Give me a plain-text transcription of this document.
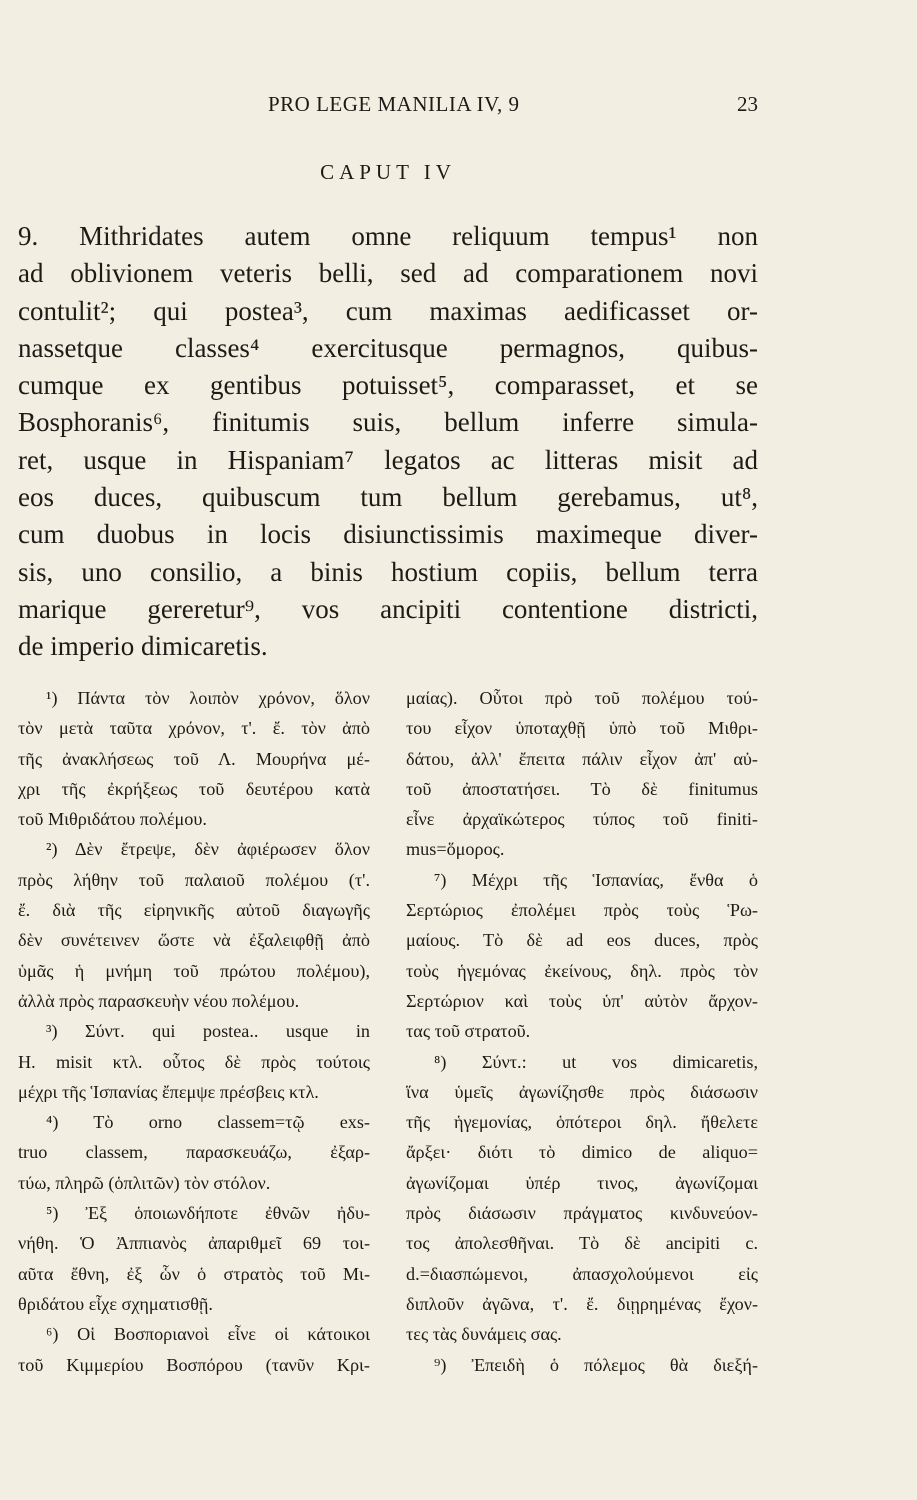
PRO LEGE MANILIA IV, 9	23
CAPUT IV
9. Mithridates autem omne reliquum tempus¹ non
ad oblivionem veteris belli, sed ad comparationem novi
contulit²; qui postea³, cum maximas aedificasset or-
nassetque classes⁴ exercitusque permagnos, quibus-
cumque ex gentibus potuisset⁵, comparasset, et se
Bosphoranis⁶, finitumis suis, bellum inferre simula-
ret, usque in Hispaniam⁷ legatos ac litteras misit ad
eos duces, quibuscum tum bellum gerebamus, ut⁸,
cum duobus in locis disiunctissimis maximeque diver-
sis, uno consilio, a binis hostium copiis, bellum terra
marique gereretur⁹, vos ancipiti contentione districti,
de imperio dimicaretis.
¹) Πάντα τὸν λοιπὸν χρόνον, ὅλον
τὸν μετὰ ταῦτα χρόνον, τ'. ἔ. τὸν ἀπὸ
τῆς ἀνακλήσεως τοῦ Λ. Μουρήνα μέ-
χρι τῆς ἐκρήξεως τοῦ δευτέρου κατὰ
τοῦ Μιθριδάτου πολέμου.
²) Δὲν ἔτρεψε, δὲν ἀφιέρωσεν ὅλον
πρὸς λήθην τοῦ παλαιοῦ πολέμου (τ'.
ἔ. διὰ τῆς εἰρηνικῆς αὐτοῦ διαγωγῆς
δὲν συνέτεινεν ὥστε νὰ ἐξαλειφθῇ ἀπὸ
ὑμᾶς ἡ μνήμη τοῦ πρώτου πολέμου),
ἀλλὰ πρὸς παρασκευὴν νέου πολέμου.
³) Σύντ. qui postea.. usque in
H. misit κτλ. οὗτος δὲ πρὸς τούτοις
μέχρι τῆς Ἱσπανίας ἔπεμψε πρέσβεις κτλ.
⁴) Τὸ orno classem=τῷ exs-
truo classem, παρασκευάζω, ἐξαρ-
τύω, πληρῶ (ὁπλιτῶν) τὸν στόλον.
⁵) Ἐξ ὁποιωνδήποτε ἐθνῶν ἠδυ-
νήθη. Ὁ Ἀππιανὸς ἀπαριθμεῖ 69 τοι-
αῦτα ἔθνη, ἐξ ὧν ὁ στρατὸς τοῦ Μι-
θριδάτου εἶχε σχηματισθῇ.
⁶) Οἱ Βοσποριανοὶ εἶνε οἱ κάτοικοι
τοῦ Κιμμερίου Βοσπόρου (τανῦν Κρι-
μαίας). Οὗτοι πρὸ τοῦ πολέμου τού-
του εἶχον ὑποταχθῇ ὑπὸ τοῦ Μιθρι-
δάτου, ἀλλ' ἔπειτα πάλιν εἶχον ἀπ' αὐ-
τοῦ ἀποστατήσει. Τὸ δὲ finitumus
εἶνε ἀρχαϊκώτερος τύπος τοῦ finiti-
mus=ὅμορος.
⁷) Μέχρι τῆς Ἱσπανίας, ἔνθα ὁ
Σερτώριος ἐπολέμει πρὸς τοὺς Ῥω-
μαίους. Τὸ δὲ ad eos duces, πρὸς
τοὺς ἡγεμόνας ἐκείνους, δηλ. πρὸς τὸν
Σερτώριον καὶ τοὺς ὑπ' αὐτὸν ἄρχον-
τας τοῦ στρατοῦ.
⁸) Σύντ.: ut vos dimicaretis,
ἵνα ὑμεῖς ἀγωνίζησθε πρὸς διάσωσιν
τῆς ἡγεμονίας, ὁπότεροι δηλ. ἤθελετε
ἄρξει· διότι τὸ dimico de aliquo=
ἀγωνίζομαι ὑπέρ τινος, ἀγωνίζομαι
πρὸς διάσωσιν πράγματος κινδυνεύον-
τος ἀπολεσθῆναι. Τὸ δὲ ancipiti c.
d.=διασπώμενοι, ἀπασχολούμενοι εἰς
διπλοῦν ἀγῶνα, τ'. ἔ. διῃρημένας ἔχον-
τες τὰς δυνάμεις σας.
⁹) Ἐπειδὴ ὁ πόλεμος θὰ διεξή-
